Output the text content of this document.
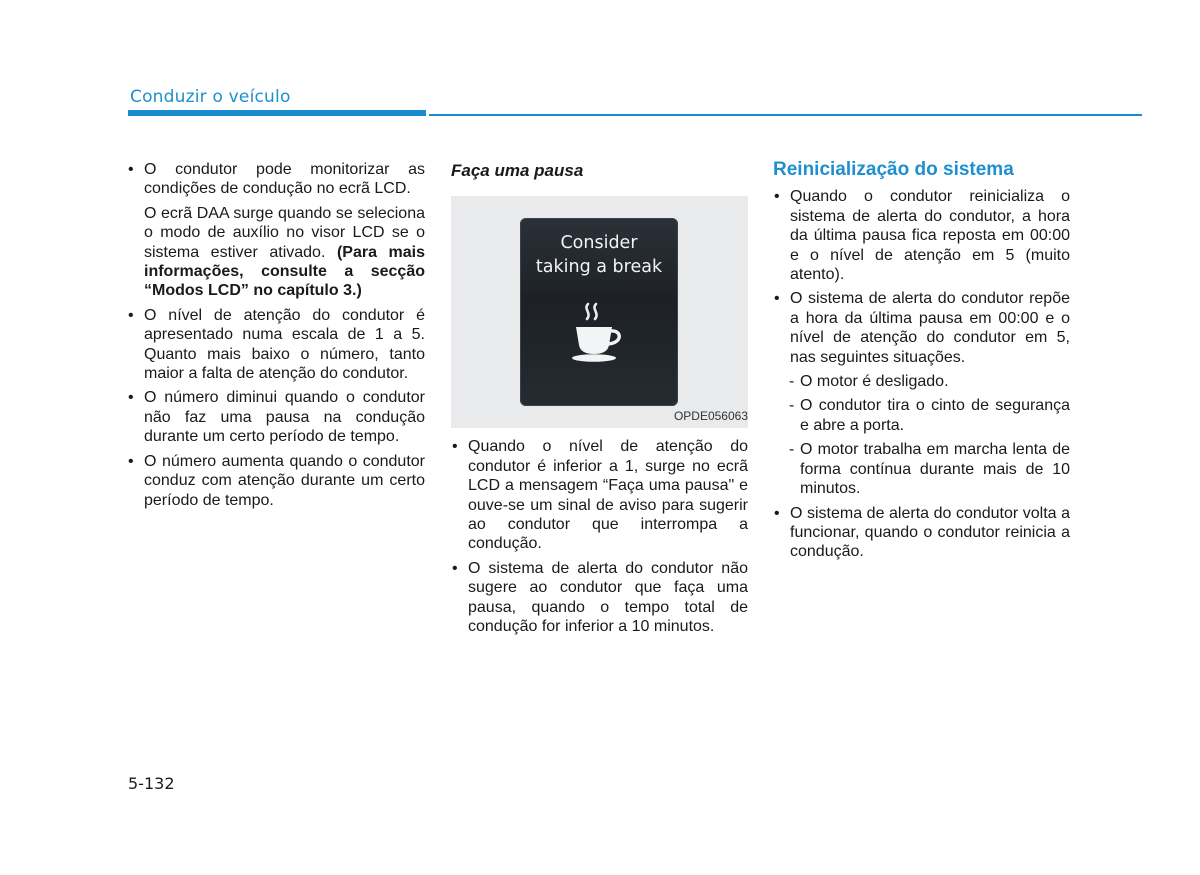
Conduzir o veículo
• O condutor pode monitorizar as condições de condução no ecrã LCD.

O ecrã DAA surge quando se seleciona o modo de auxílio no visor LCD se o sistema estiver ativado. (Para mais informações, consulte a secção “Modos LCD” no capítulo 3.)

• O nível de atenção do condutor é apresentado numa escala de 1 a 5. Quanto mais baixo o número, tanto maior a falta de atenção do condutor.
• O número diminui quando o condutor não faz uma pausa na condução durante um certo período de tempo.
• O número aumenta quando o condutor conduz com atenção durante um certo período de tempo.
Faça uma pausa
Consider
taking a break
OPDE056063
• Quando o nível de atenção do condutor é inferior a 1, surge no ecrã LCD a mensagem “Faça uma pausa" e ouve-se um sinal de aviso para sugerir ao condutor que interrompa a condução.
• O sistema de alerta do condutor não sugere ao condutor que faça uma pausa, quando o tempo total de condução for inferior a 10 minutos.
Reinicialização do sistema
• Quando o condutor reinicializa o sistema de alerta do condutor, a hora da última pausa fica reposta em 00:00 e o nível de atenção em 5 (muito atento).
• O sistema de alerta do condutor repõe a hora da última pausa em 00:00 e o nível de atenção do condutor em 5, nas seguintes situações.
- O motor é desligado.
- O condutor tira o cinto de segurança e abre a porta.
- O motor trabalha em marcha lenta de forma contínua durante mais de 10 minutos.
• O sistema de alerta do condutor volta a funcionar, quando o condutor reinicia a condução.
5-132
